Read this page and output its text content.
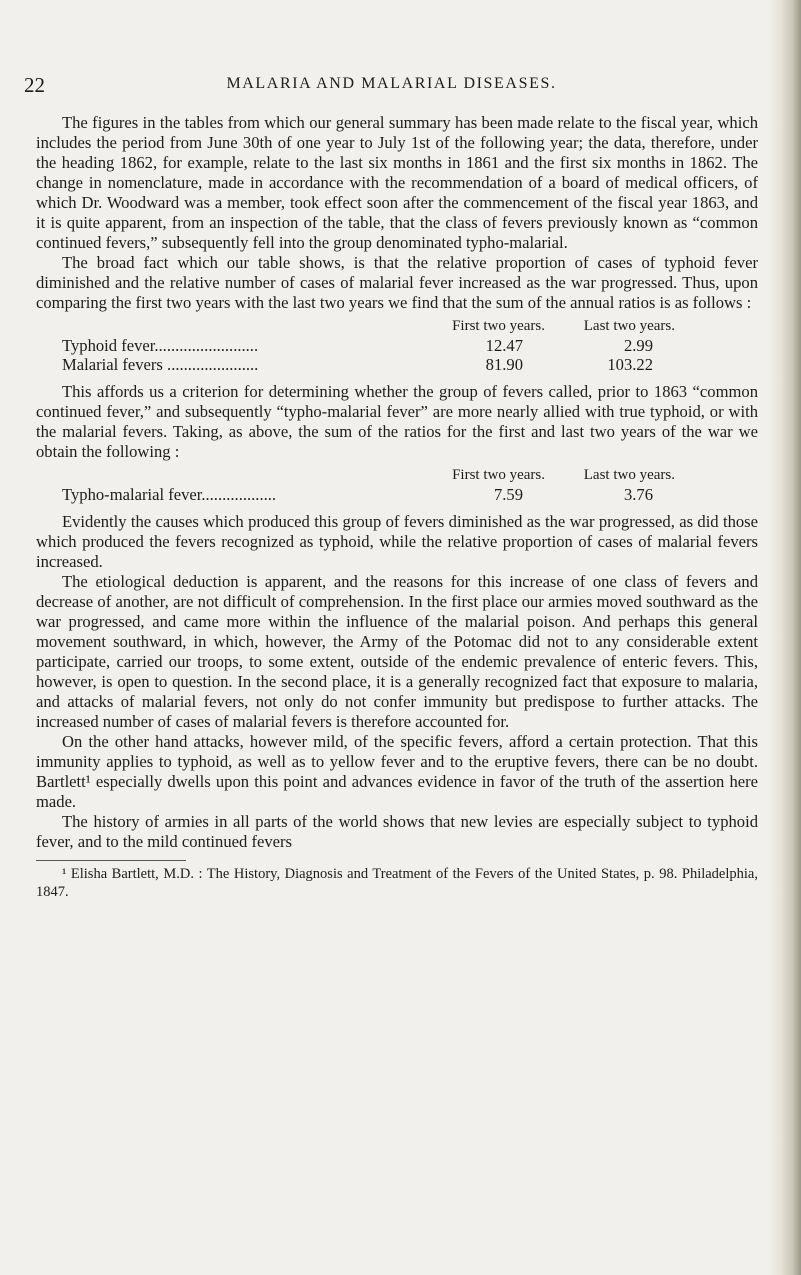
22	MALARIA AND MALARIAL DISEASES.

The figures in the tables from which our general summary has been made relate to the fiscal year, which includes the period from June 30th of one year to July 1st of the following year; the data, therefore, under the heading 1862, for example, relate to the last six months in 1861 and the first six months in 1862. The change in nomenclature, made in accordance with the recommendation of a board of medical officers, of which Dr. Woodward was a member, took effect soon after the commencement of the fiscal year 1863, and it is quite apparent, from an inspection of the table, that the class of fevers previously known as “common continued fevers,” subsequently fell into the group denominated typho-malarial.

The broad fact which our table shows, is that the relative proportion of cases of typhoid fever diminished and the relative number of cases of malarial fever increased as the war progressed. Thus, upon comparing the first two years with the last two years we find that the sum of the annual ratios is as follows :

First two years.	Last two years.
Typhoid fever.........................	12.47	2.99
Malarial fevers ......................	81.90	103.22

This affords us a criterion for determining whether the group of fevers called, prior to 1863 “common continued fever,” and subsequently “typho-malarial fever” are more nearly allied with true typhoid, or with the malarial fevers. Taking, as above, the sum of the ratios for the first and last two years of the war we obtain the following :

First two years.	Last two years.
Typho-malarial fever..................	7.59	3.76

Evidently the causes which produced this group of fevers diminished as the war progressed, as did those which produced the fevers recognized as typhoid, while the relative proportion of cases of malarial fevers increased.

The etiological deduction is apparent, and the reasons for this increase of one class of fevers and decrease of another, are not difficult of comprehension. In the first place our armies moved southward as the war progressed, and came more within the influence of the malarial poison. And perhaps this general movement southward, in which, however, the Army of the Potomac did not to any considerable extent participate, carried our troops, to some extent, outside of the endemic prevalence of enteric fevers. This, however, is open to question. In the second place, it is a generally recognized fact that exposure to malaria, and attacks of malarial fevers, not only do not confer immunity but predispose to further attacks. The increased number of cases of malarial fevers is therefore accounted for.

On the other hand attacks, however mild, of the specific fevers, afford a certain protection. That this immunity applies to typhoid, as well as to yellow fever and to the eruptive fevers, there can be no doubt. Bartlett¹ especially dwells upon this point and advances evidence in favor of the truth of the assertion here made.

The history of armies in all parts of the world shows that new levies are especially subject to typhoid fever, and to the mild continued fevers

¹ Elisha Bartlett, M.D. : The History, Diagnosis and Treatment of the Fevers of the United States, p. 98. Philadelphia, 1847.
